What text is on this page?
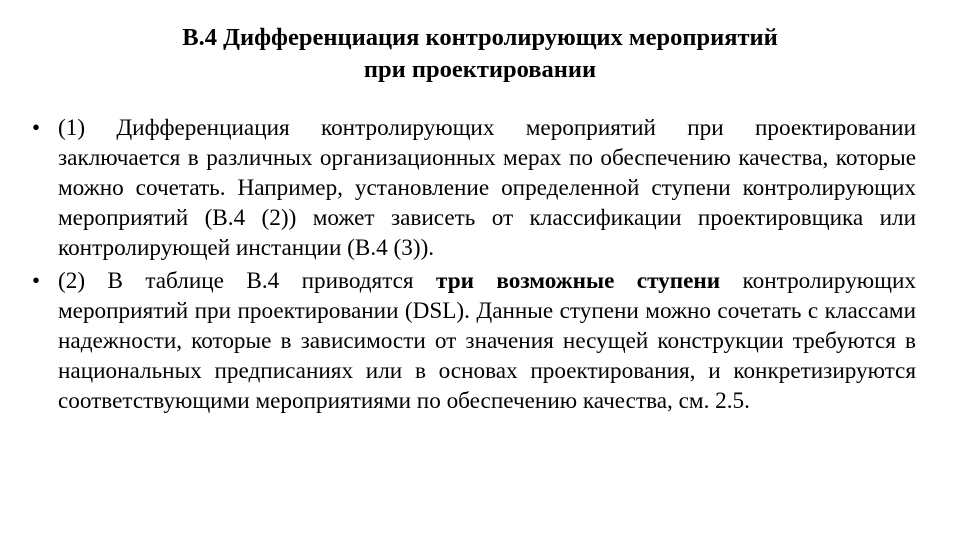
B.4 Дифференциация контролирующих мероприятий
при проектировании
• (1) Дифференциация контролирующих мероприятий при проектировании заключается в различных организационных мерах по обеспечению качества, которые можно сочетать. Например, установление определенной ступени контролирующих мероприятий (B.4 (2)) может зависеть от классификации проектировщика или контролирующей инстанции (B.4 (3)).
• (2) В таблице B.4 приводятся три возможные ступени контролирующих мероприятий при проектировании (DSL). Данные ступени можно сочетать с классами надежности, которые в зависимости от значения несущей конструкции требуются в национальных предписаниях или в основах проектирования, и конкретизируются соответствующими мероприятиями по обеспечению качества, см. 2.5.
